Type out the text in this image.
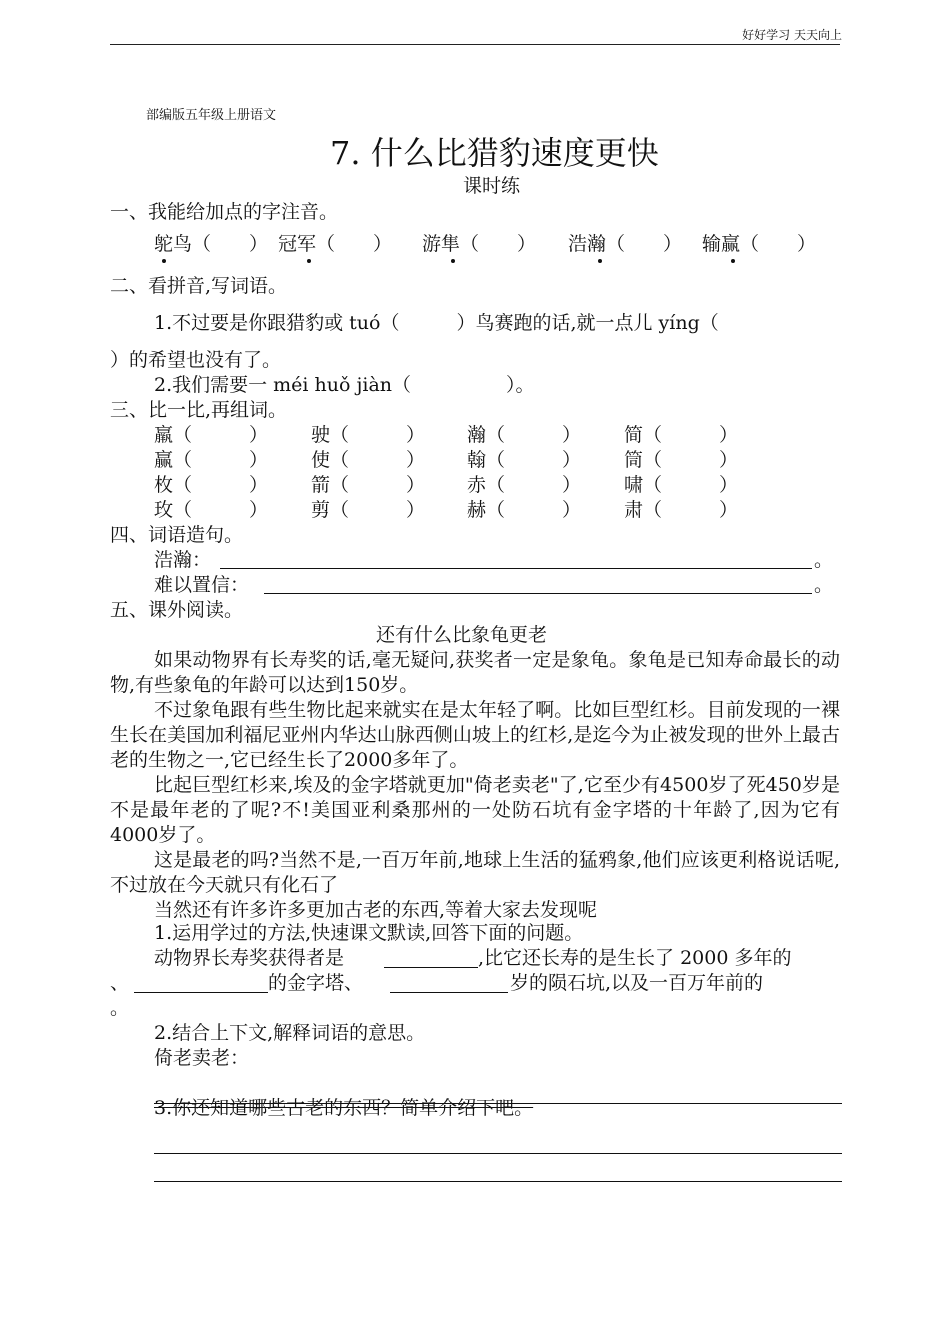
好好学习 天天向上
部编版五年级上册语文
7. 什么比猎豹速度更快
课时练
一、我能给加点的字注音。
鸵鸟（　　） 冠军（　　） 游隼（　　） 浩瀚（　　） 输赢（　　）
二、看拼音,写词语。
1.不过要是你跟猎豹或 tuó（　　　）鸟赛跑的话,就一点儿 yíng（
）的希望也没有了。
2.我们需要一 méi huǒ jiàn（　　　　　）。
三、比一比,再组词。
羸（　　　） 驶（　　　） 瀚（　　　） 简（　　　）
赢（　　　） 使（　　　） 翰（　　　） 筒（　　　）
枚（　　　） 箭（　　　） 赤（　　　） 啸（　　　）
玫（　　　） 剪（　　　） 赫（　　　） 肃（　　　）
四、词语造句。
浩瀚：	。
难以置信：	。
五、课外阅读。
还有什么比象龟更老
如果动物界有长寿奖的话,毫无疑问,获奖者一定是象龟。象龟是已知寿命最长的动物,有些象龟的年龄可以达到150岁。
不过象龟跟有些生物比起来就实在是太年轻了啊。比如巨型红杉。目前发现的一裸生长在美国加利福尼亚州内华达山脉西侧山坡上的红杉,是迄今为止被发现的世外上最古老的生物之一,它已经生长了2000多年了。
比起巨型红杉来,埃及的金字塔就更加"倚老卖老"了,它至少有4500岁了死450岁是不是最年老的了呢?不!美国亚利桑那州的一处防石坑有金字塔的十年龄了,因为它有4000岁了。
这是最老的吗?当然不是,一百万年前,地球上生活的猛鸦象,他们应该更利格说话呢,不过放在今天就只有化石了
当然还有许多许多更加古老的东西,等着大家去发现呢
1.运用学过的方法,快速课文默读,回答下面的问题。
动物界长寿奖获得者是	,比它还长寿的是生长了 2000 多年的
、	的金字塔、	岁的陨石坑,以及一百万年前的
。
2.结合上下文,解释词语的意思。
倚老卖老：
3.你还知道哪些古老的东西？简单介绍下吧。
